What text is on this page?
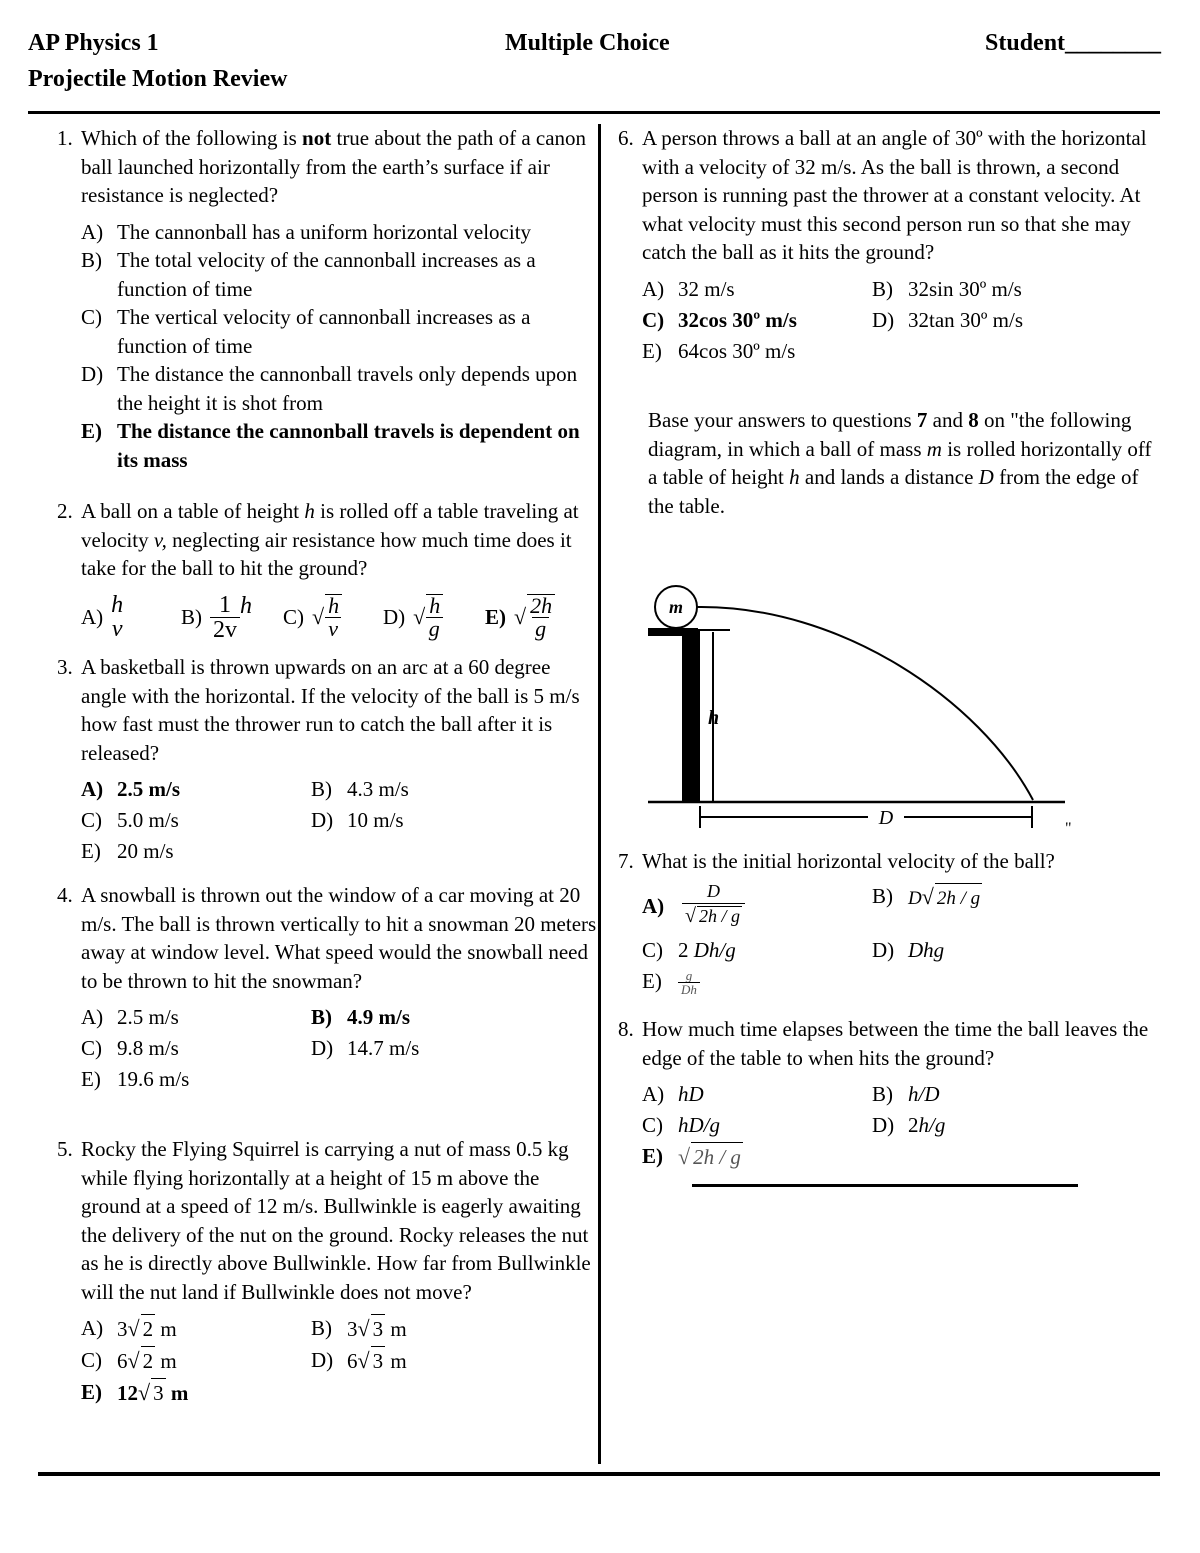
AP Physics 1	Multiple Choice	Student________
Projectile Motion Review
1. Which of the following is not true about the path of a canon ball launched horizontally from the earth’s surface if air resistance is neglected?
A) The cannonball has a uniform horizontal velocity
B) The total velocity of the cannonball increases as a function of time
C) The vertical velocity of cannonball increases as a function of time
D) The distance the cannonball travels only depends upon the height it is shot from
E) The distance the cannonball travels is dependent on its mass
2. A ball on a table of height h is rolled off a table traveling at velocity v, neglecting air resistance how much time does it take for the ball to hit the ground?
A) h
v	$B) \frac{1}{2v}$ h C) √ $\frac{h}{v} D$) √ $\frac{h}{g} E$) √ $\frac{2h}{g}$
3. A basketball is thrown upwards on an arc at a 60 degree angle with the horizontal. If the velocity of the ball is 5 m/s how fast must the thrower run to catch the ball after it is released?
A) 2.5 m/s	B) 4.3 m/s
C) 5.0 m/s	D) 10 m/s
E) 20 m/s
4. A snowball is thrown out the window of a car moving at 20 m/s. The ball is thrown vertically to hit a snowman 20 meters away at window level. What speed would the snowball need to be thrown to hit the snowman?
A) 2.5 m/s	B) 4.9 m/s
C) 9.8 m/s	D) 14.7 m/s
E) 19.6 m/s
5. Rocky the Flying Squirrel is carrying a nut of mass 0.5 kg while flying horizontally at a height of 15 m above the ground at a speed of 12 m/s. Bullwinkle is eagerly awaiting the delivery of the nut on the ground. Rocky releases the nut as he is directly above Bullwinkle. How far from Bullwinkle will the nut land if Bullwinkle does not move?
A) 3√ 2 m	B) 3√ 3 m
C) 6√ 2 m	D) 6√ 3 m
E) 12√ 3 m
6. A person throws a ball at an angle of 30º with the horizontal with a velocity of 32 m/s. As the ball is thrown, a second person is running past the thrower at a constant velocity. At what velocity must this second person run so that she may catch the ball as it hits the ground?
A) 32 m/s	B) 32sin 30º m/s
C) 32cos 30º m/s	D) 32tan 30º m/s
E) 64cos 30º m/s
Base your answers to questions 7 and 8 on "the following diagram, in which a ball of mass m is rolled horizontally off a table of height h and lands a distance D from the edge of the table.
m
h
D	"
7. What is the initial horizontal velocity of the ball?
$A) \frac{D}{√ 2h / g}$	B) D√ 2h / g
C) 2 Dh/g	D) Dhg
$E) \frac{g}{Dh}$
8. How much time elapses between the time the ball leaves the edge of the table to when hits the ground?
A) hD	B) h/D
C) hD/g	D) 2h/g
E) √ 2h / g
